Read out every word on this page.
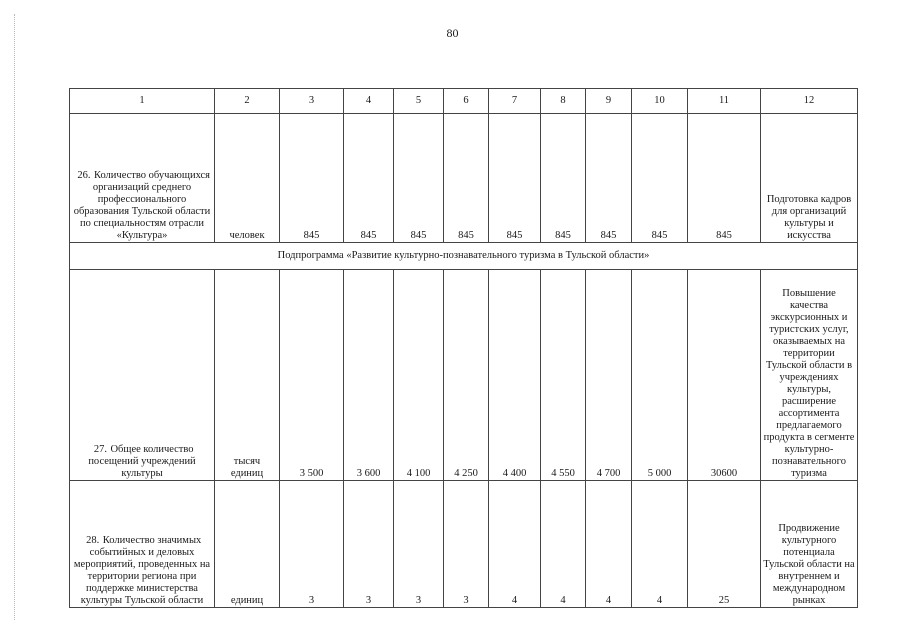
80
1	2	3	4	5	6	7	8	9	10	11	12
26. Количество обучающихся организаций среднего профессионального образования Тульской области по специальностям отрасли «Культура»	человек	845	845	845	845	845	845	845	845	845	Подготовка кадров для организаций культуры и искусства
Подпрограмма «Развитие культурно-познавательного туризма в Тульской области»											
27. Общее количество посещений учреждений культуры	тысяч единиц	3 500	3 600	4 100	4 250	4 400	4 550	4 700	5 000	30600	Повышение качества экскурсионных и туристских услуг, оказываемых на территории Тульской области в учреждениях культуры, расширение ассортимента предлагаемого продукта в сегменте культурно-познавательного туризма
28. Количество значимых событийных и деловых мероприятий, проведенных на территории региона при поддержке министерства культуры Тульской области	единиц	3	3	3	3	4	4	4	4	25	Продвижение культурного потенциала Тульской области на внутреннем и международном рынках
